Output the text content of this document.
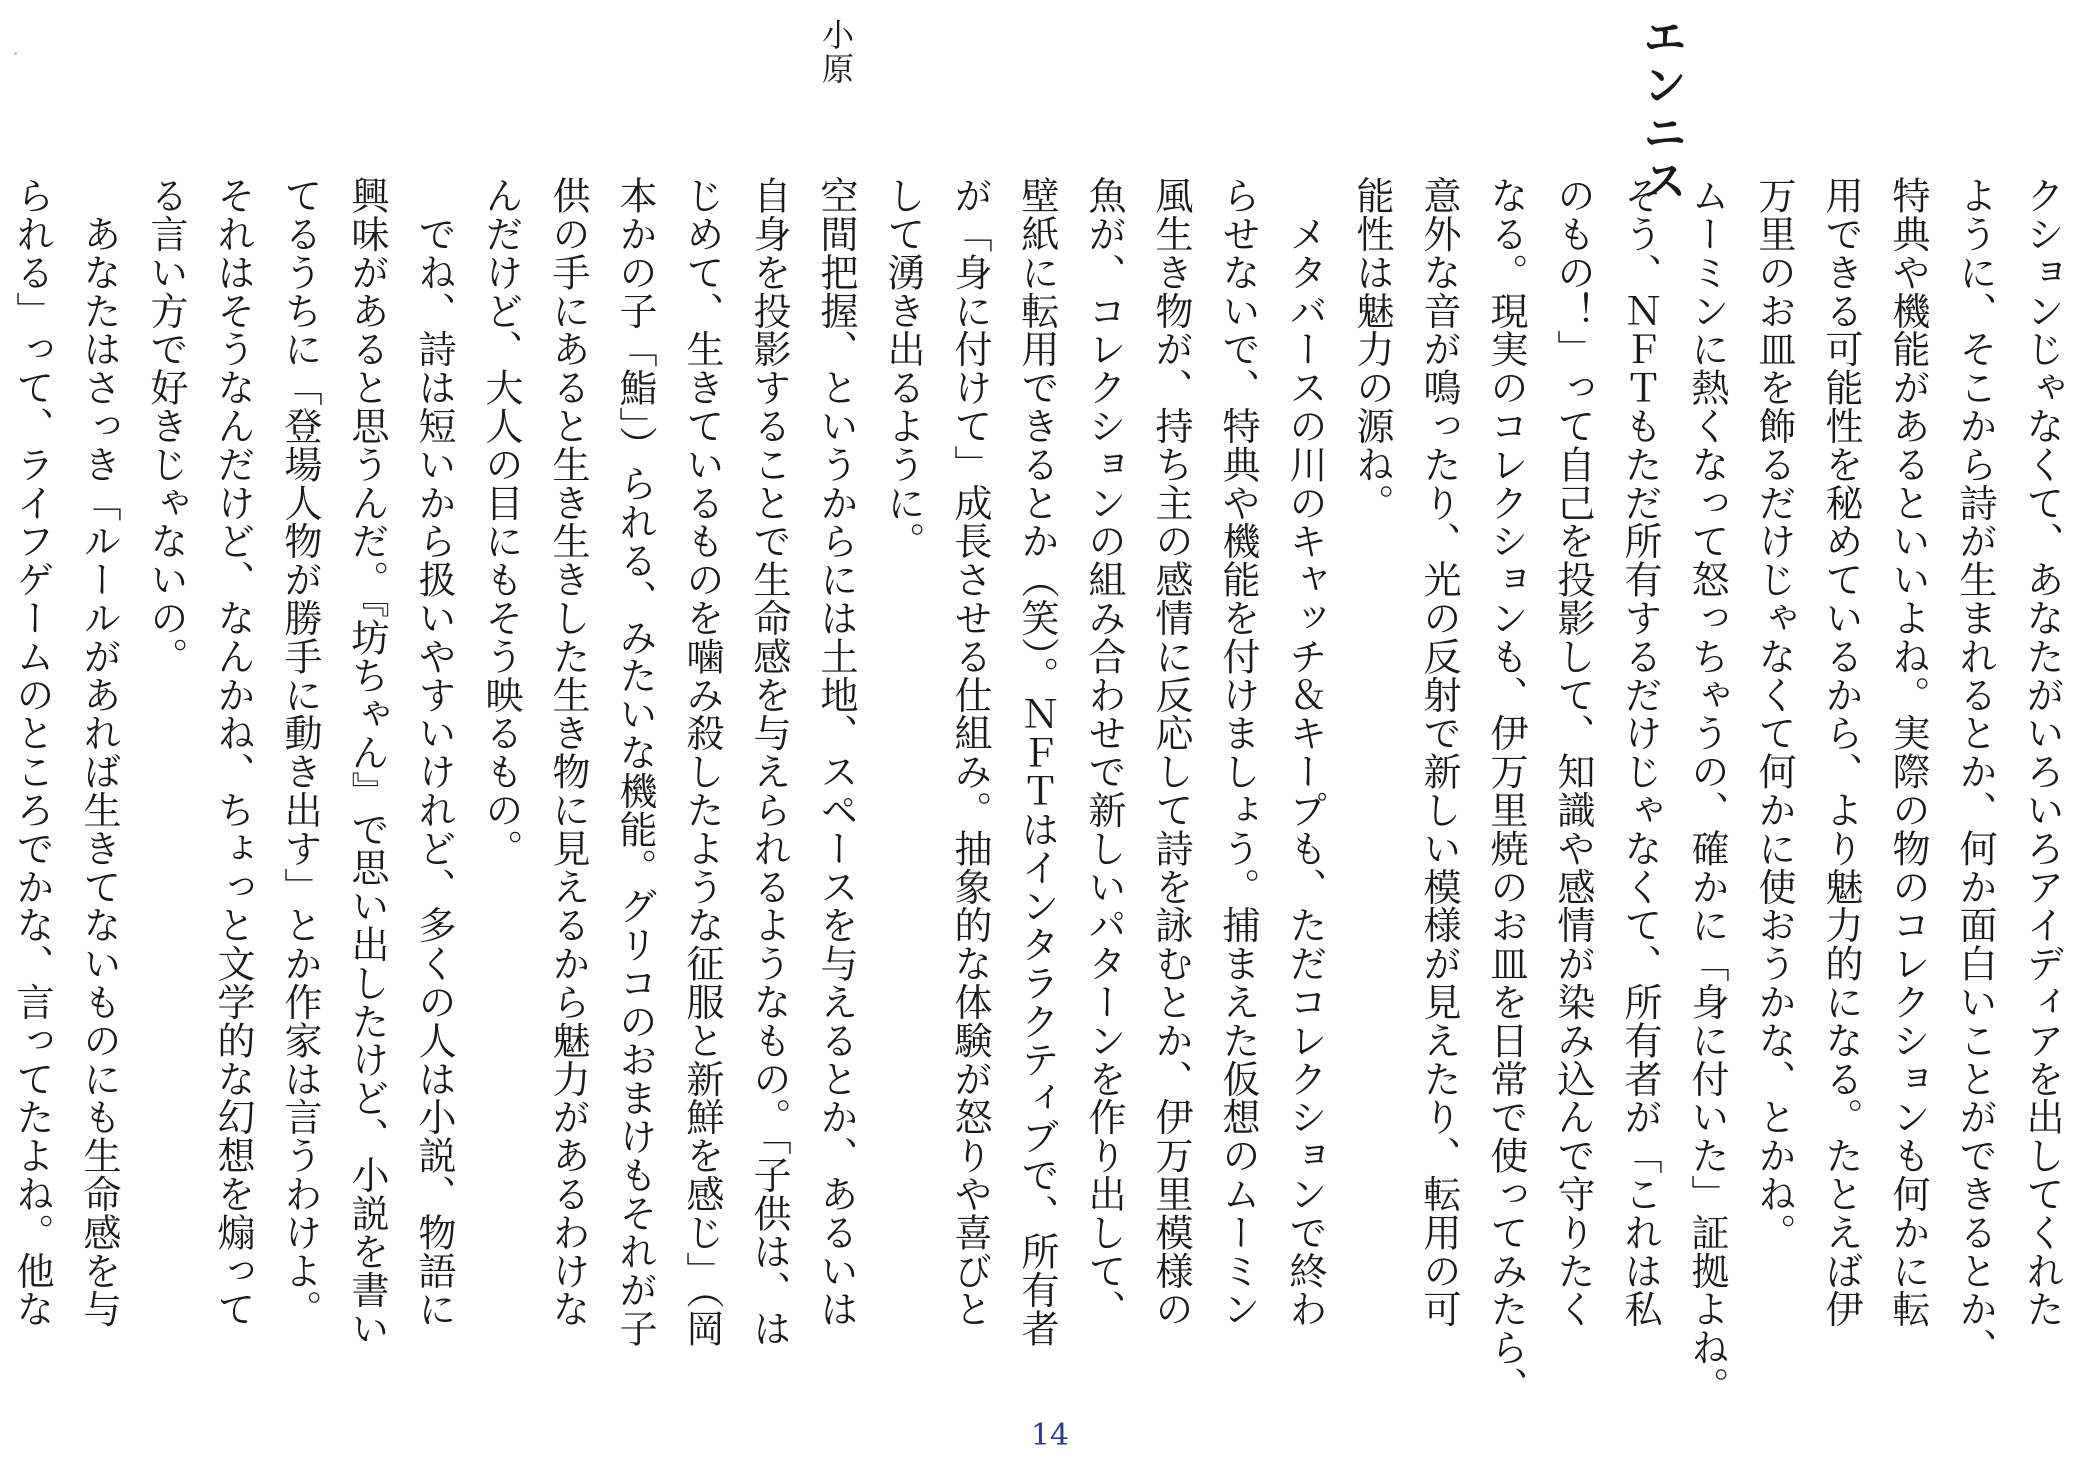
エンニス
小原

クションじゃなくて、あなたがいろいろアイディアを出してくれた

ように、そこから詩が生まれるとか、何か面白いことができるとか、

特典や機能があるといいよね。実際の物のコレクションも何かに転

用できる可能性を秘めているから、より魅力的になる。たとえば伊

万里のお皿を飾るだけじゃなくて何かに使おうかな、とかね。

ムーミンに熱くなって怒っちゃうの、確かに「身に付いた」証拠よね。

そう、ＮＦＴもただ所有するだけじゃなくて、所有者が「これは私

のもの！」って自己を投影して、知識や感情が染み込んで守りたく

なる。現実のコレクションも、伊万里焼のお皿を日常で使ってみたら、

意外な音が鳴ったり、光の反射で新しい模様が見えたり、転用の可

能性は魅力の源ね。

　メタバースの川のキャッチ＆キープも、ただコレクションで終わ

らせないで、特典や機能を付けましょう。捕まえた仮想のムーミン

風生き物が、持ち主の感情に反応して詩を詠むとか、伊万里模様の

魚が、コレクションの組み合わせで新しいパターンを作り出して、

壁紙に転用できるとか（笑）。ＮＦＴはインタラクティブで、所有者

が「身に付けて」成長させる仕組み。抽象的な体験が怒りや喜びと

して湧き出るように。

空間把握、というからには土地、スペースを与えるとか、あるいは

自身を投影することで生命感を与えられるようなもの。「子供は、は

じめて、生きているものを噛み殺したような征服と新鮮を感じ」（岡

本かの子「鮨」）られる、みたいな機能。グリコのおまけもそれが子

供の手にあると生き生きした生き物に見えるから魅力があるわけな

んだけど、大人の目にもそう映るもの。

　でね、詩は短いから扱いやすいけれど、多くの人は小説、物語に

興味があると思うんだ。『坊ちゃん』で思い出したけど、小説を書い

てるうちに「登場人物が勝手に動き出す」とか作家は言うわけよ。

それはそうなんだけど、なんかね、ちょっと文学的な幻想を煽って

る言い方で好きじゃないの。

　あなたはさっき「ルールがあれば生きてないものにも生命感を与

られる」って、ライフゲームのところでかな、言ってたよね。他な

14
